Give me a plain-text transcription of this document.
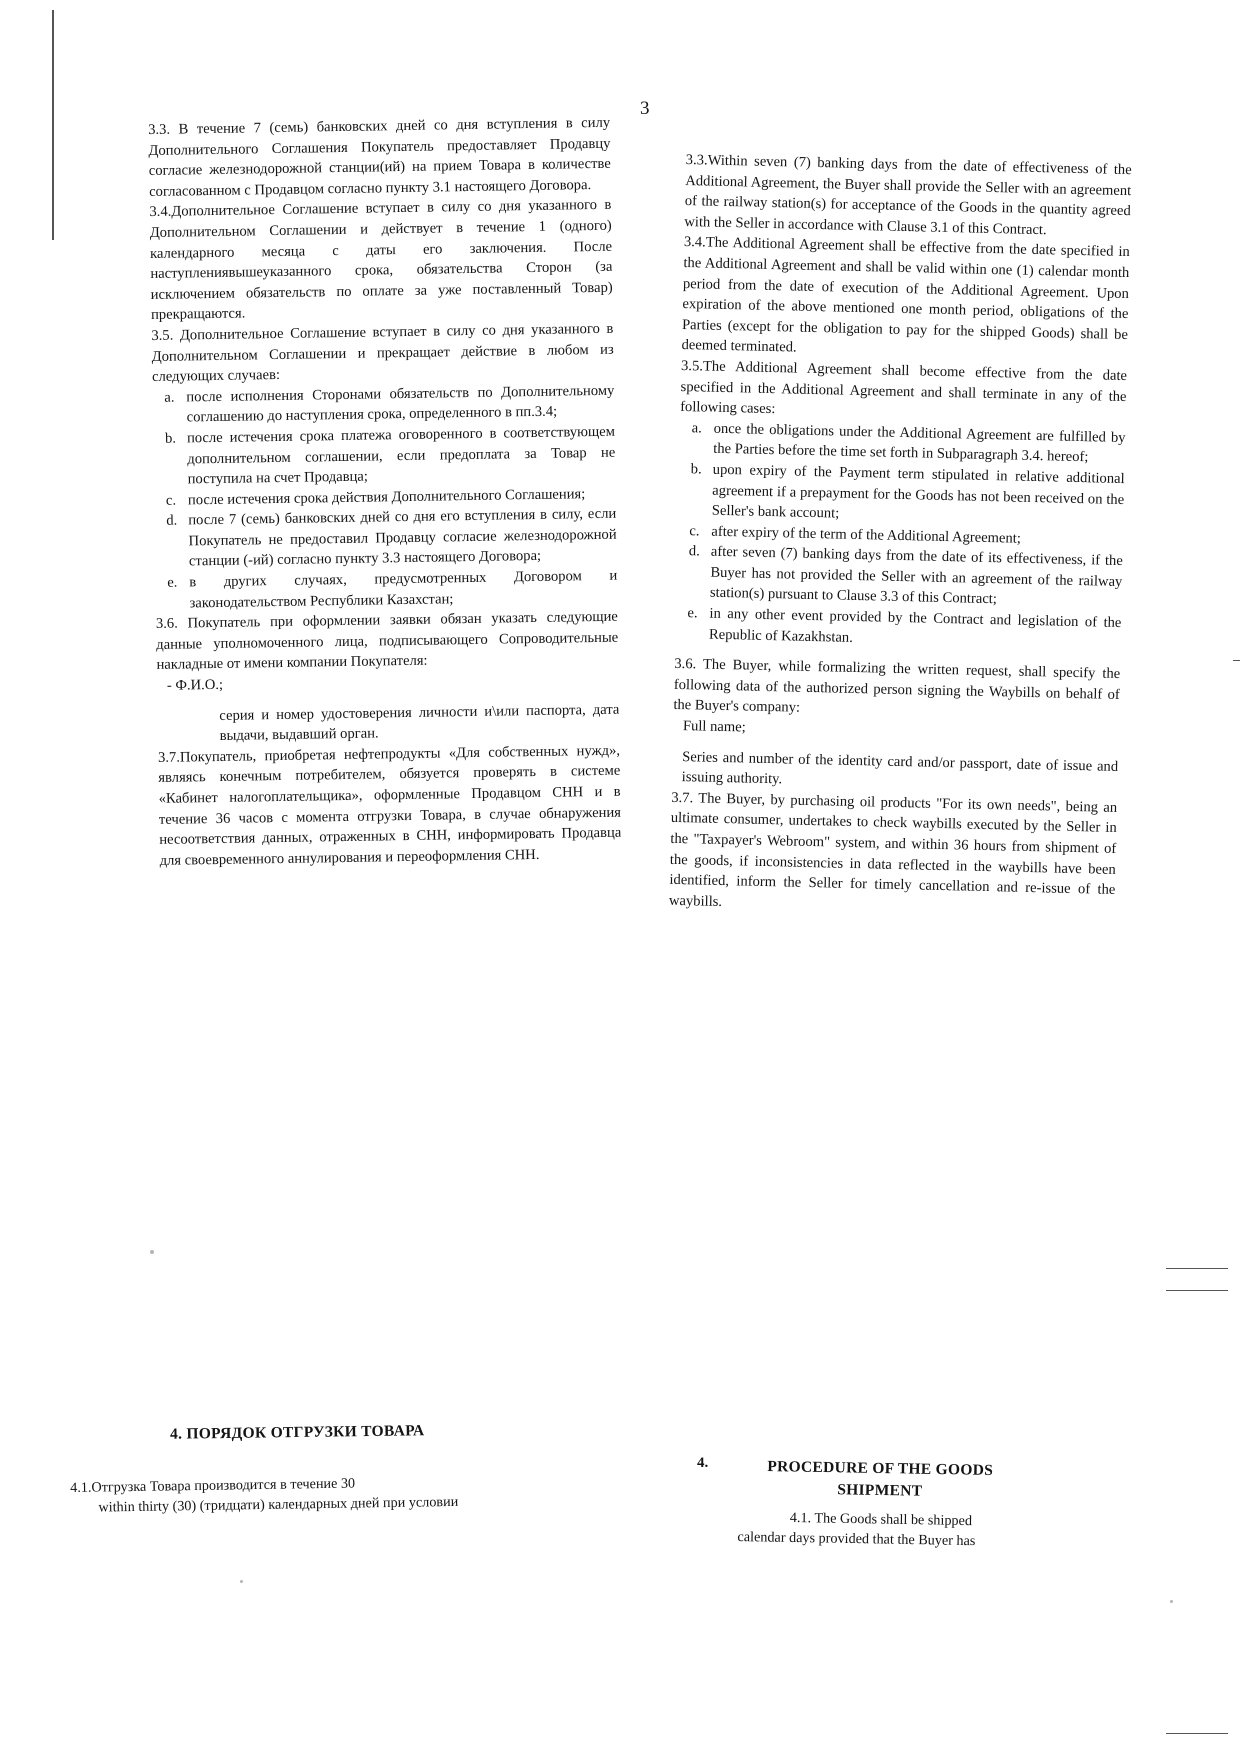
3

3.3. В течение 7 (семь) банковских дней со дня вступления в силу Дополнительного Соглашения Покупатель предоставляет Продавцу согласие железнодорожной станции(ий) на прием Товара в количестве согласованном с Продавцом согласно пункту 3.1 настоящего Договора.

3.4.Дополнительное Соглашение вступает в силу со дня указанного в Дополнительном Соглашении и действует в течение 1 (одного) календарного месяца с даты его заключения. После наступлениявышеуказанного срока, обязательства Сторон (за исключением обязательств по оплате за уже поставленный Товар) прекращаются.

3.5. Дополнительное Соглашение вступает в силу со дня указанного в Дополнительном Соглашении и прекращает действие в любом из следующих случаев:

a. после исполнения Сторонами обязательств по Дополнительному соглашению до наступления срока, определенного в пп.3.4;
b. после истечения срока платежа оговоренного в соответствующем дополнительном соглашении, если предоплата за Товар не поступила на счет Продавца;
c. после истечения срока действия Дополнительного Соглашения;
d. после 7 (семь) банковских дней со дня его вступления в силу, если Покупатель не предоставил Продавцу согласие железнодорожной станции (-ий) согласно пункту 3.3 настоящего Договора;
e. в других случаях, предусмотренных Договором и законодательством Республики Казахстан;

3.6. Покупатель при оформлении заявки обязан указать следующие данные уполномоченного лица, подписывающего Сопроводительные накладные от имени компании Покупателя:

- Ф.И.О.;

серия и номер удостоверения личности и\или паспорта, дата выдачи, выдавший орган.

3.7.Покупатель, приобретая нефтепродукты «Для собственных нужд», являясь конечным потребителем, обязуется проверять в системе «Кабинет налогоплательщика», оформленные Продавцом СНН и в течение 36 часов с момента отгрузки Товара, в случае обнаружения несоответствия данных, отраженных в СНН, информировать Продавца для своевременного аннулирования и переоформления СНН.

3.3.Within seven (7) banking days from the date of effectiveness of the Additional Agreement, the Buyer shall provide the Seller with an agreement of the railway station(s) for acceptance of the Goods in the quantity agreed with the Seller in accordance with Clause 3.1 of this Contract.

3.4.The Additional Agreement shall be effective from the date specified in the Additional Agreement and shall be valid within one (1) calendar month period from the date of execution of the Additional Agreement. Upon expiration of the above mentioned one month period, obligations of the Parties (except for the obligation to pay for the shipped Goods) shall be deemed terminated.

3.5.The Additional Agreement shall become effective from the date specified in the Additional Agreement and shall terminate in any of the following cases:

a. once the obligations under the Additional Agreement are fulfilled by the Parties before the time set forth in Subparagraph 3.4. hereof;
b. upon expiry of the Payment term stipulated in relative additional agreement if a prepayment for the Goods has not been received on the Seller's bank account;
c. after expiry of the term of the Additional Agreement;
d. after seven (7) banking days from the date of its effectiveness, if the Buyer has not provided the Seller with an agreement of the railway station(s) pursuant to Clause 3.3 of this Contract;
e. in any other event provided by the Contract and legislation of the Republic of Kazakhstan.

3.6. The Buyer, while formalizing the written request, shall specify the following data of the authorized person signing the Waybills on behalf of the Buyer's company:

Full name;

Series and number of the identity card and/or passport, date of issue and issuing authority.

3.7. The Buyer, by purchasing oil products "For its own needs", being an ultimate consumer, undertakes to check waybills executed by the Seller in the "Taxpayer's Webroom" system, and within 36 hours from shipment of the goods, if inconsistencies in data reflected in the waybills have been identified, inform the Seller for timely cancellation and re-issue of the waybills.

4. ПОРЯДОК ОТГРУЗКИ ТОВАРА
4.1.Отгрузка Товара производится в течение 30
within thirty (30) (тридцати) календарных дней при условии
4.	PROCEDURE OF THE GOODS SHIPMENT
4.1. The Goods shall be shipped
calendar days provided that the Buyer has
